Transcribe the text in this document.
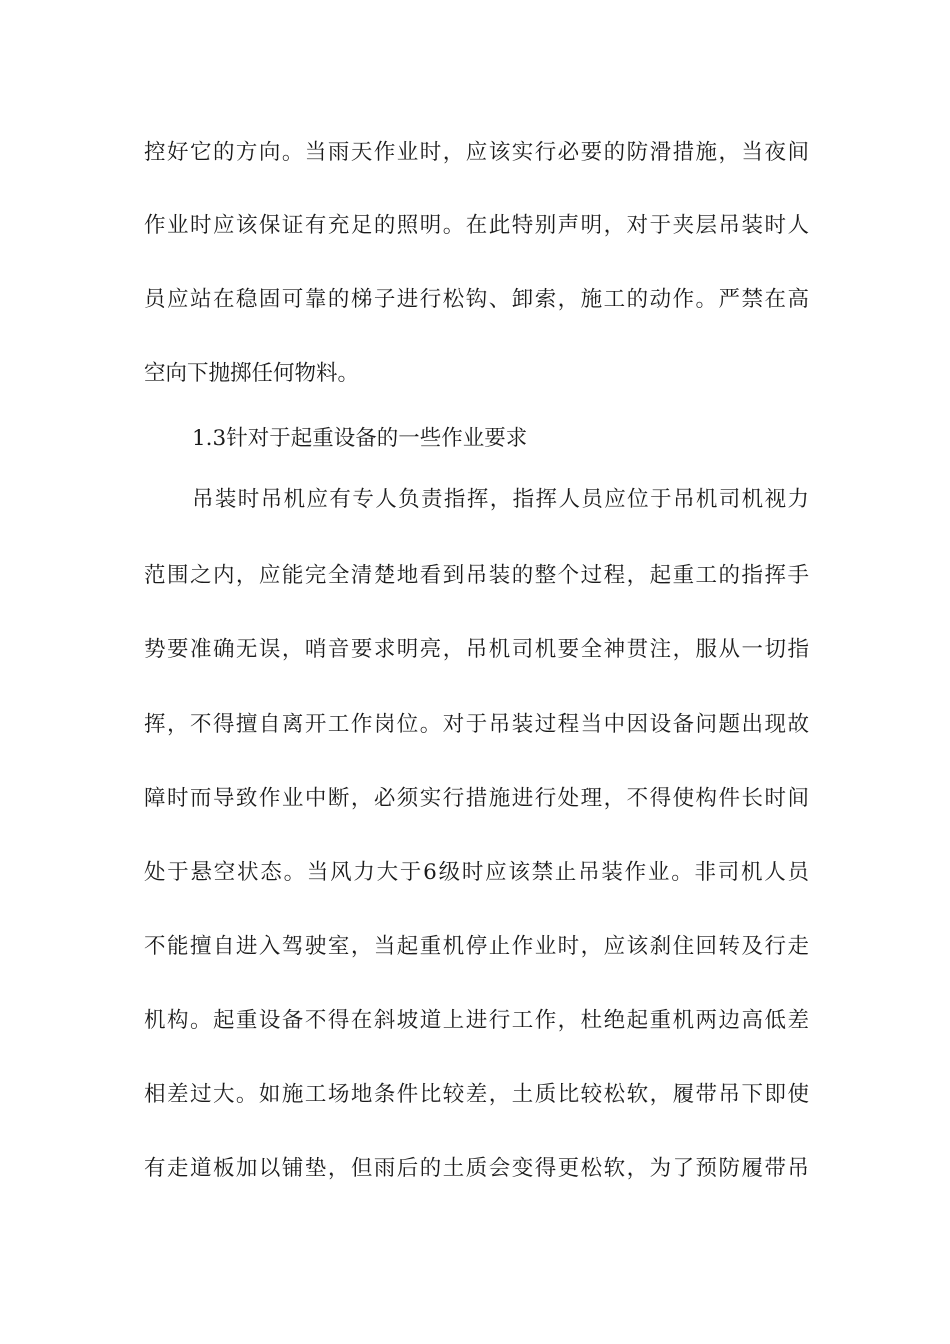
控好它的方向。当雨天作业时，应该实行必要的防滑措施，当夜间
作业时应该保证有充足的照明。在此特别声明，对于夹层吊装时人
员应站在稳固可靠的梯子进行松钩、卸索，施工的动作。严禁在高
空向下抛掷任何物料。
1.3针对于起重设备的一些作业要求
吊装时吊机应有专人负责指挥，指挥人员应位于吊机司机视力
范围之内，应能完全清楚地看到吊装的整个过程，起重工的指挥手
势要准确无误，哨音要求明亮，吊机司机要全神贯注，服从一切指
挥，不得擅自离开工作岗位。对于吊装过程当中因设备问题出现故
障时而导致作业中断，必须实行措施进行处理，不得使构件长时间
处于悬空状态。当风力大于6级时应该禁止吊装作业。非司机人员
不能擅自进入驾驶室，当起重机停止作业时，应该刹住回转及行走
机构。起重设备不得在斜坡道上进行工作，杜绝起重机两边高低差
相差过大。如施工场地条件比较差，土质比较松软，履带吊下即使
有走道板加以铺垫，但雨后的土质会变得更松软，为了预防履带吊
